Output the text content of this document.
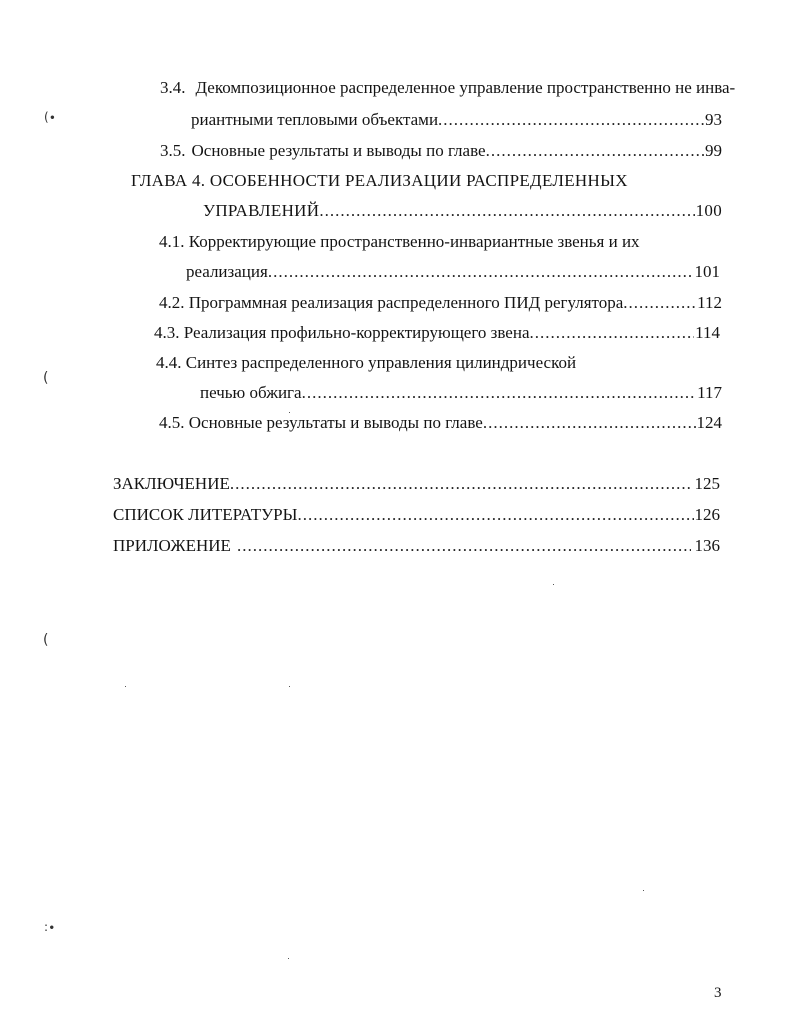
3.4. Декомпозиционное распределенное управление пространственно не инва-
риантными тепловыми объектами .....	93
3.5. Основные результаты и выводы по главе .....	99
ГЛАВА 4. ОСОБЕННОСТИ РЕАЛИЗАЦИИ РАСПРЕДЕЛЕННЫХ
УПРАВЛЕНИЙ .....	100
4.1. Корректирующие пространственно-инвариантные звенья и их
реализация .....	101
4.2. Программная реализация распределенного ПИД регулятора .....	112
4.3. Реализация профильно-корректирующего звена .....	114
4.4. Синтез распределенного управления цилиндрической
печью обжига .....	117
4.5. Основные результаты и выводы по главе .....	124
ЗАКЛЮЧЕНИЕ .....	125
СПИСОК ЛИТЕРАТУРЫ .....	126
ПРИЛОЖЕНИЕ .....	136
3
(∙
(
(
:∙
